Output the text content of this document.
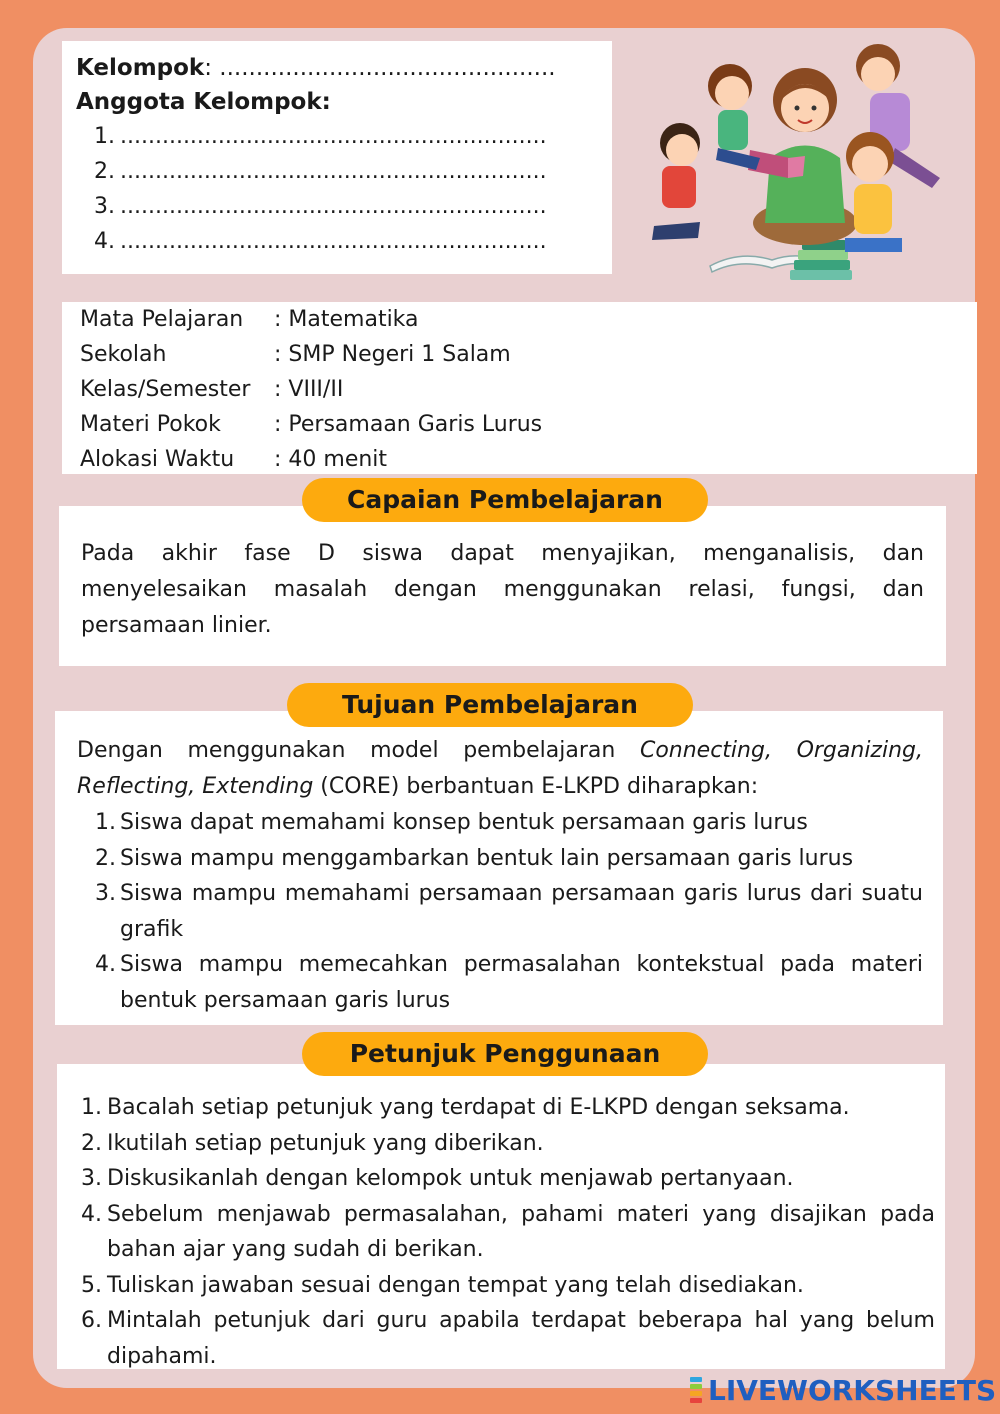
Kelompok: ..............................................
Anggota Kelompok:
1. .............................................................
2. .............................................................
3. .............................................................
4. .............................................................
Mata Pelajaran	: Matematika
Sekolah	: SMP Negeri 1 Salam
Kelas/Semester	: VIII/II
Materi Pokok	: Persamaan Garis Lurus
Alokasi Waktu	: 40 menit
Capaian Pembelajaran

Pada akhir fase D siswa dapat menyajikan, menganalisis, dan menyelesaikan masalah dengan menggunakan relasi, fungsi, dan persamaan linier.

Tujuan Pembelajaran

Dengan menggunakan model pembelajaran Connecting, Organizing, Reflecting, Extending (CORE) berbantuan E-LKPD diharapkan:

1. Siswa dapat memahami konsep bentuk persamaan garis lurus
2. Siswa mampu menggambarkan bentuk lain persamaan garis lurus
3. Siswa mampu memahami persamaan persamaan garis lurus dari suatu grafik
4. Siswa mampu memecahkan permasalahan kontekstual pada materi bentuk persamaan garis lurus
Petunjuk Penggunaan
1. Bacalah setiap petunjuk yang terdapat di E-LKPD dengan seksama.
2. Ikutilah setiap petunjuk yang diberikan.
3. Diskusikanlah dengan kelompok untuk menjawab pertanyaan.
4. Sebelum menjawab permasalahan, pahami materi yang disajikan pada bahan ajar yang sudah di berikan.
5. Tuliskan jawaban sesuai dengan tempat yang telah disediakan.
6. Mintalah petunjuk dari guru apabila terdapat beberapa hal yang belum dipahami.
LIVEWORKSHEETS
